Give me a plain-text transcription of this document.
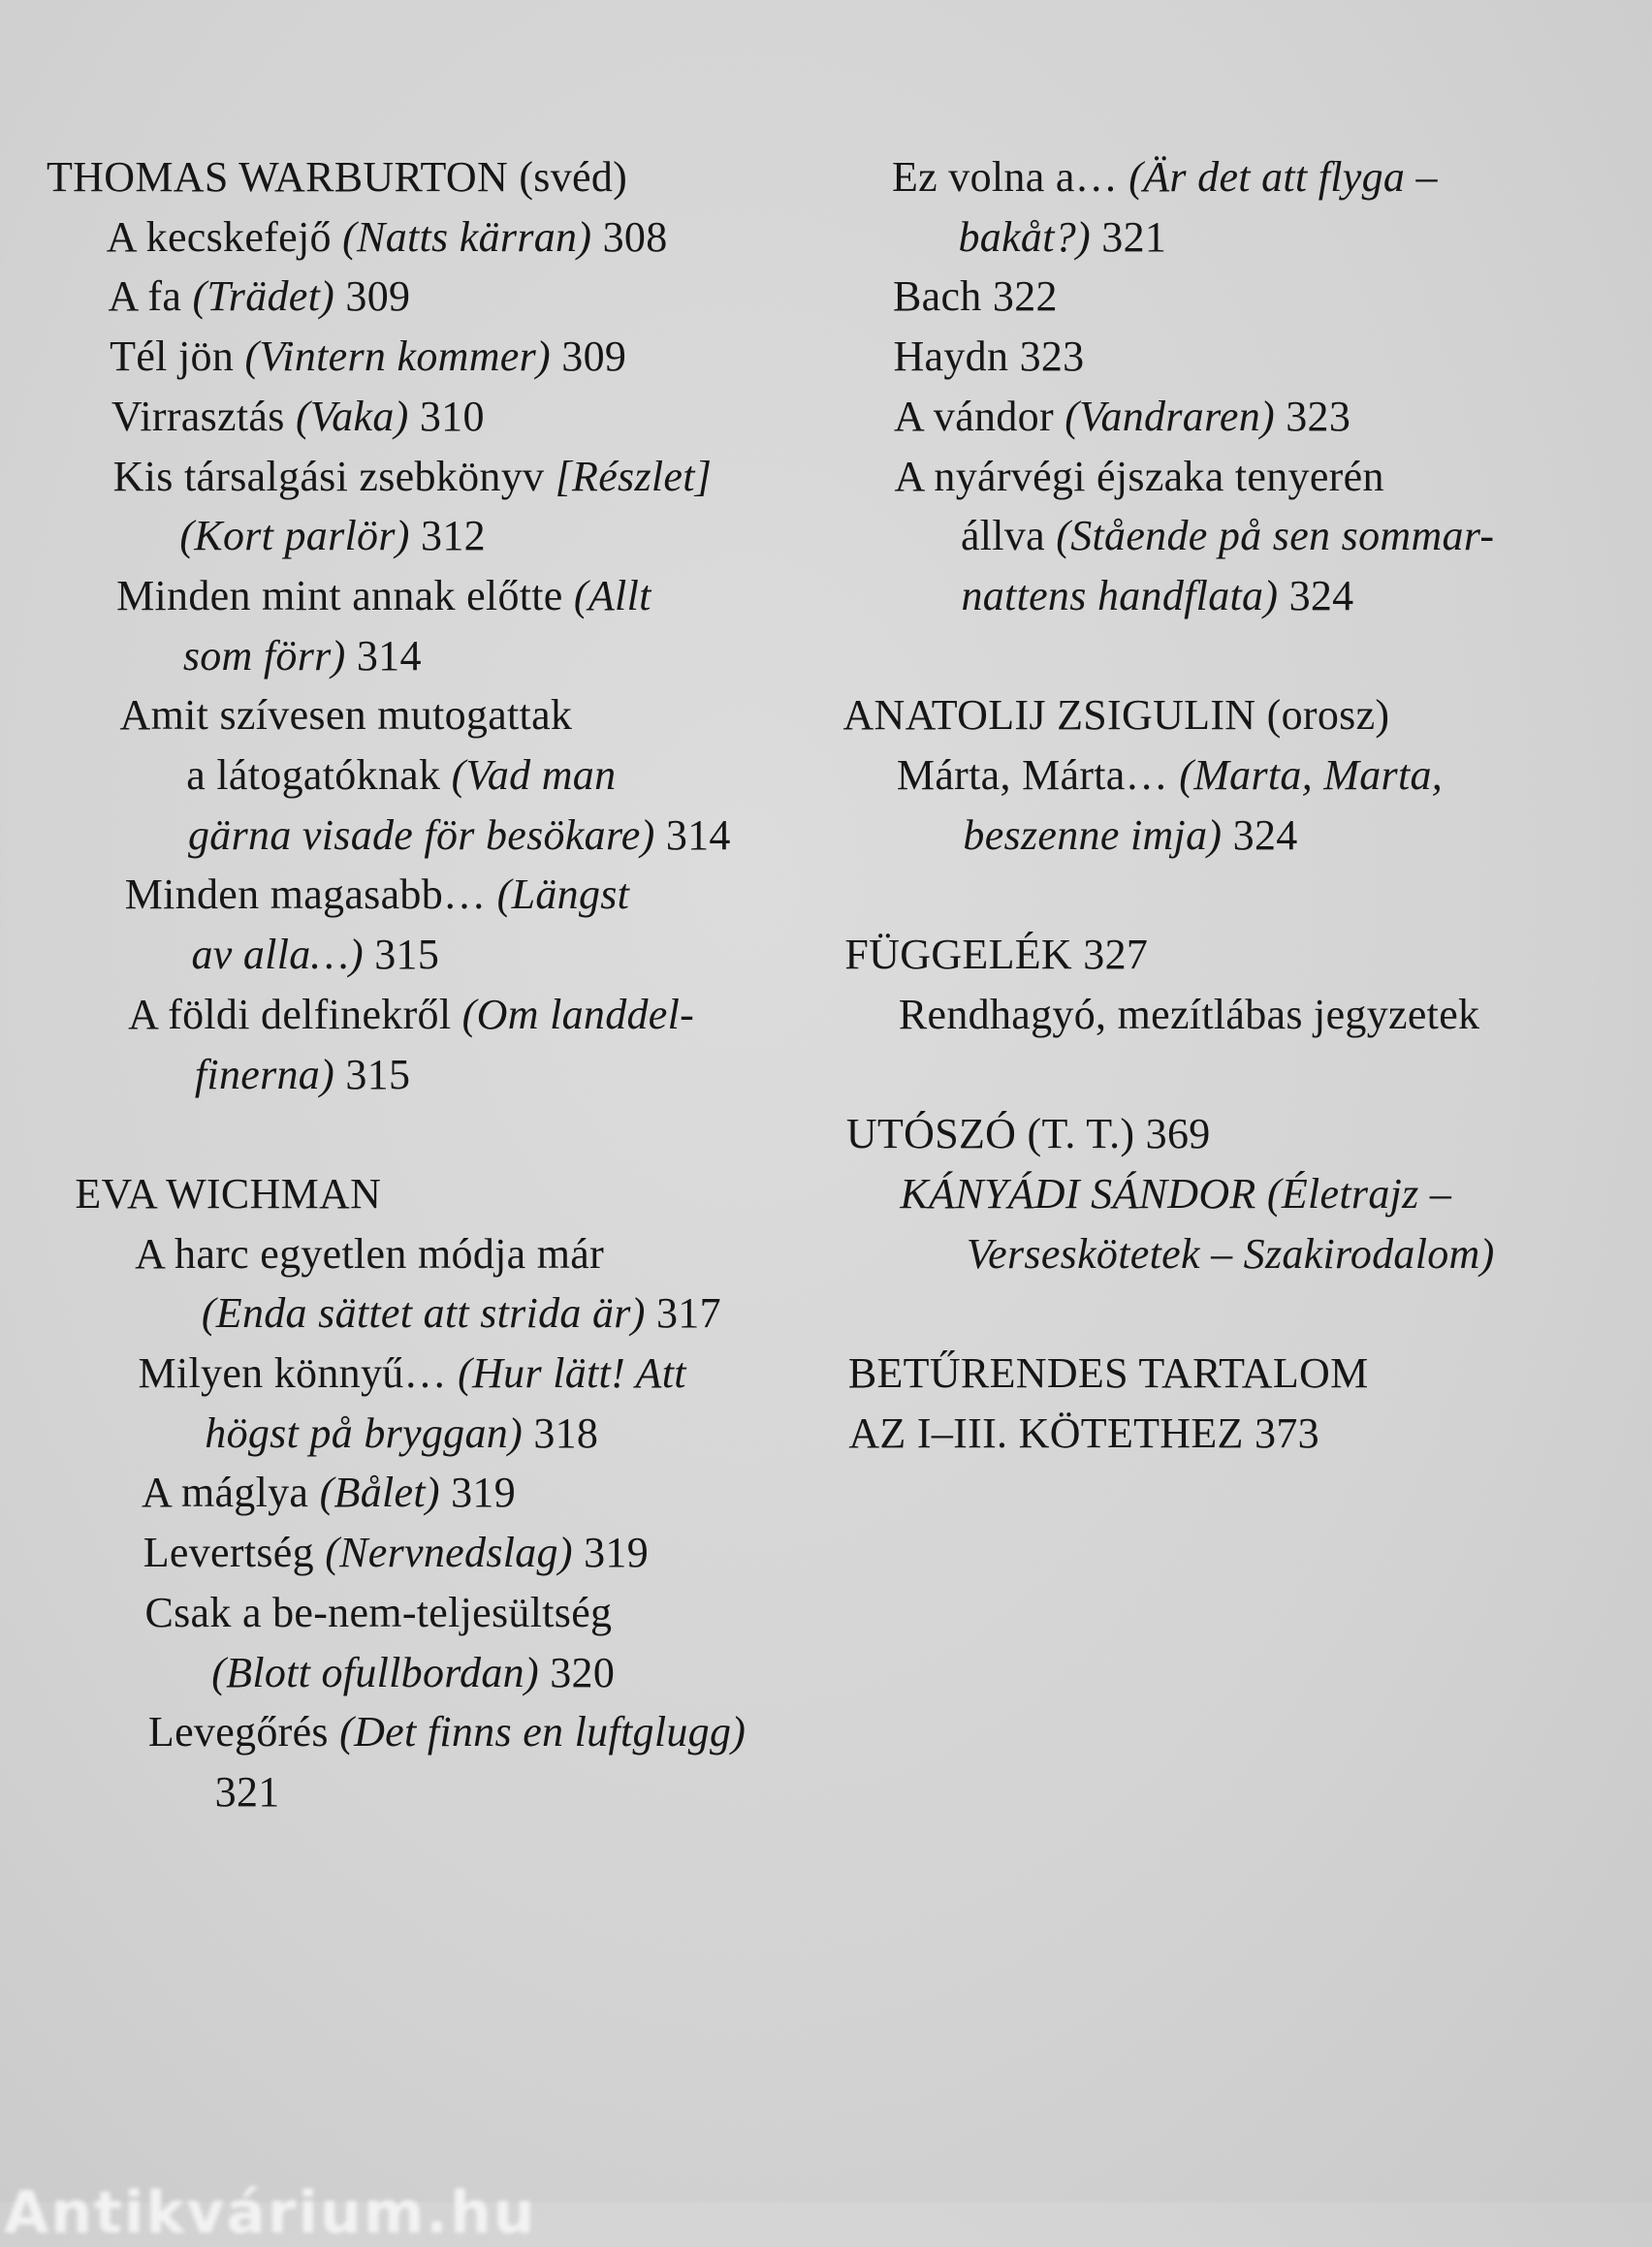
THOMAS WARBURTON (svéd)
A kecskefejő (Natts kärran) 308
A fa (Trädet) 309
Tél jön (Vintern kommer) 309
Virrasztás (Vaka) 310
Kis társalgási zsebkönyv [Részlet]
(Kort parlör) 312
Minden mint annak előtte (Allt
som förr) 314
Amit szívesen mutogattak
a látogatóknak (Vad man
gärna visade för besökare) 314
Minden magasabb… (Längst
av alla…) 315
A földi delfinekről (Om landdel-
finerna) 315
EVA WICHMAN
A harc egyetlen módja már
(Enda sättet att strida är) 317
Milyen könnyű… (Hur lätt! Att
högst på bryggan) 318
A máglya (Bålet) 319
Levertség (Nervnedslag) 319
Csak a be-nem-teljesültség
(Blott ofullbordan) 320
Levegőrés (Det finns en luftglugg)
321
Ez volna a… (Är det att flyga –
bakåt?) 321
Bach 322
Haydn 323
A vándor (Vandraren) 323
A nyárvégi éjszaka tenyerén
állva (Stående på sen sommar-
nattens handflata) 324
ANATOLIJ ZSIGULIN (orosz)
Márta, Márta… (Marta, Marta,
beszenne imja) 324
FÜGGELÉK 327
Rendhagyó, mezítlábas jegyzetek
UTÓSZÓ (T. T.) 369
KÁNYÁDI SÁNDOR (Életrajz –
Verseskötetek – Szakirodalom)
BETŰRENDES TARTALOM
AZ I–III. KÖTETHEZ 373
Antikvárium.hu
